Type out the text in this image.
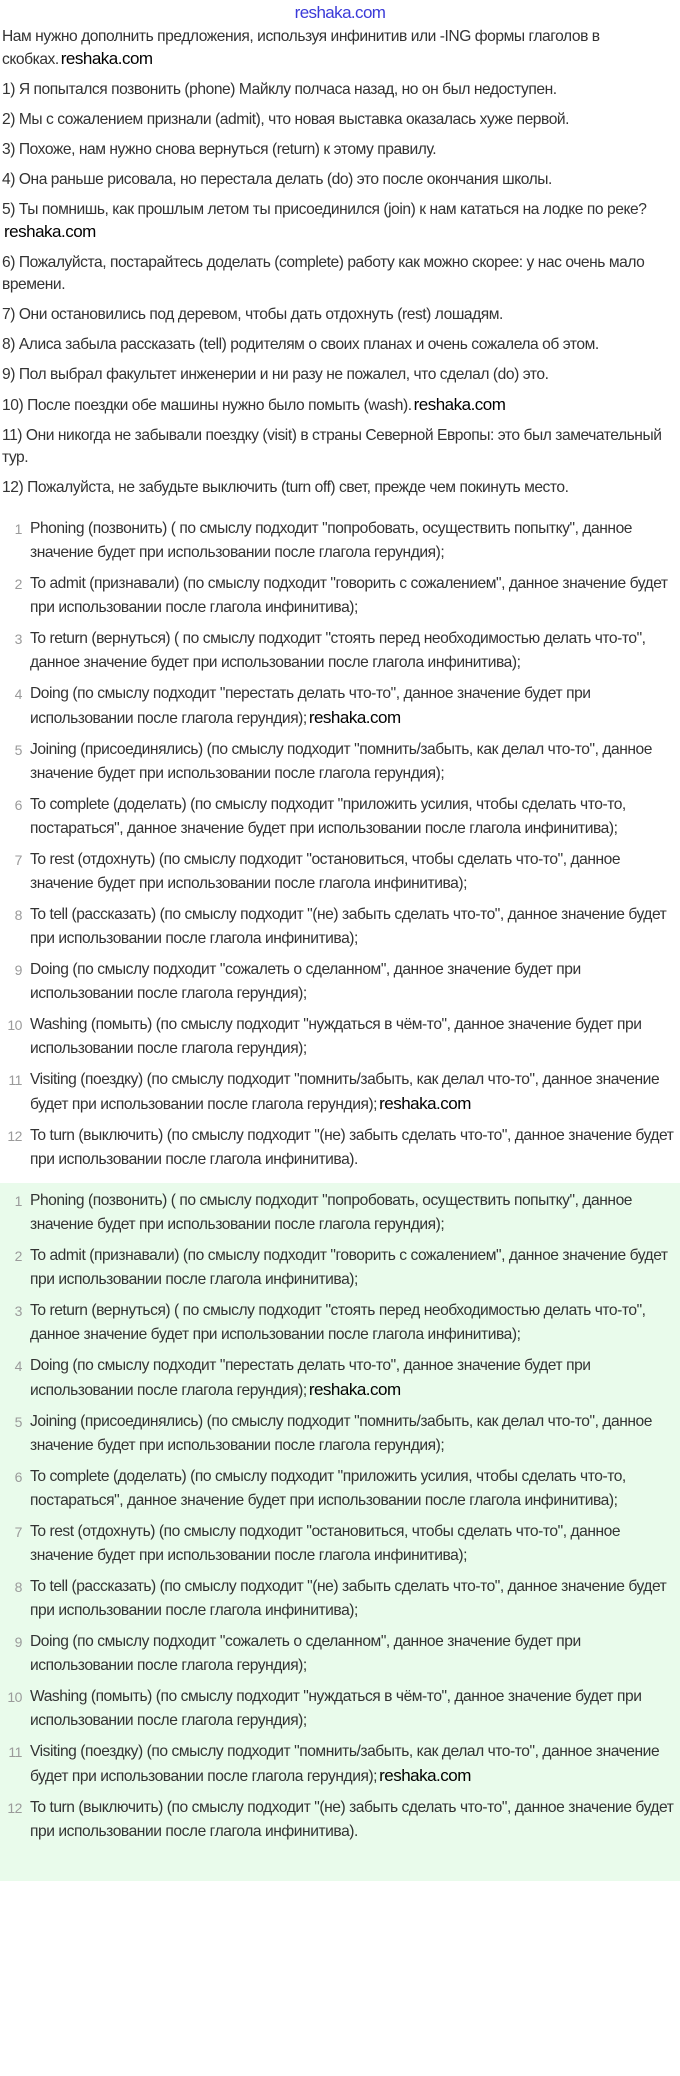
reshaka.com

Нам нужно дополнить предложения, используя инфинитив или -ING формы глаголов в скобках. reshaka.com

1) Я попытался позвонить (phone) Майклу полчаса назад, но он был недоступен.

2) Мы с сожалением признали (admit), что новая выставка оказалась хуже первой.

3) Похоже, нам нужно снова вернуться (return) к этому правилу.

4) Она раньше рисовала, но перестала делать (do) это после окончания школы.

5) Ты помнишь, как прошлым летом ты присоединился (join) к нам кататься на лодке по реке?reshaka.com

6) Пожалуйста, постарайтесь доделать (complete) работу как можно скорее: у нас очень мало времени.

7) Они остановились под деревом, чтобы дать отдохнуть (rest) лошадям.

8) Алиса забыла рассказать (tell) родителям о своих планах и очень сожалела об этом.

9) Пол выбрал факультет инженерии и ни разу не пожалел, что сделал (do) это.

10) После поездки обе машины нужно было помыть (wash). reshaka.com

11) Они никогда не забывали поездку (visit) в страны Северной Европы: это был замечательный тур.

12) Пожалуйста, не забудьте выключить (turn off) свет, прежде чем покинуть место.

1 Phoning (позвонить) ( по смыслу подходит "попробовать, осуществить попытку", данное значение будет при использовании после глагола герундия);
2 To admit (признавали) (по смыслу подходит "говорить с сожалением", данное значение будет при использовании после глагола инфинитива);
3 To return (вернуться) ( по смыслу подходит "стоять перед необходимостью делать что-то", данное значение будет при использовании после глагола инфинитива);
4 Doing (по смыслу подходит "перестать делать что-то", данное значение будет при использовании после глагола герундия); reshaka.com
5 Joining (присоединялись) (по смыслу подходит "помнить/забыть, как делал что-то", данное значение будет при использовании после глагола герундия);
6 To complete (доделать) (по смыслу подходит "приложить усилия, чтобы сделать что-то, постараться", данное значение будет при использовании после глагола инфинитива);
7 To rest (отдохнуть) (по смыслу подходит "остановиться, чтобы сделать что-то", данное значение будет при использовании после глагола инфинитива);
8 To tell (рассказать) (по смыслу подходит "(не) забыть сделать что-то", данное значение будет при использовании после глагола инфинитива);
9 Doing (по смыслу подходит "сожалеть о сделанном", данное значение будет при использовании после глагола герундия);
10 Washing (помыть) (по смыслу подходит "нуждаться в чём-то", данное значение будет при использовании после глагола герундия);
11 Visiting (поездку) (по смыслу подходит "помнить/забыть, как делал что-то", данное значение будет при использовании после глагола герундия); reshaka.com
12 To turn (выключить) (по смыслу подходит "(не) забыть сделать что-то", данное значение будет при использовании после глагола инфинитива).
1 Phoning (позвонить) ( по смыслу подходит "попробовать, осуществить попытку", данное значение будет при использовании после глагола герундия);
2 To admit (признавали) (по смыслу подходит "говорить с сожалением", данное значение будет при использовании после глагола инфинитива);
3 To return (вернуться) ( по смыслу подходит "стоять перед необходимостью делать что-то", данное значение будет при использовании после глагола инфинитива);
4 Doing (по смыслу подходит "перестать делать что-то", данное значение будет при использовании после глагола герундия); reshaka.com
5 Joining (присоединялись) (по смыслу подходит "помнить/забыть, как делал что-то", данное значение будет при использовании после глагола герундия);
6 To complete (доделать) (по смыслу подходит "приложить усилия, чтобы сделать что-то, постараться", данное значение будет при использовании после глагола инфинитива);
7 To rest (отдохнуть) (по смыслу подходит "остановиться, чтобы сделать что-то", данное значение будет при использовании после глагола инфинитива);
8 To tell (рассказать) (по смыслу подходит "(не) забыть сделать что-то", данное значение будет при использовании после глагола инфинитива);
9 Doing (по смыслу подходит "сожалеть о сделанном", данное значение будет при использовании после глагола герундия);
10 Washing (помыть) (по смыслу подходит "нуждаться в чём-то", данное значение будет при использовании после глагола герундия);
11 Visiting (поездку) (по смыслу подходит "помнить/забыть, как делал что-то", данное значение будет при использовании после глагола герундия); reshaka.com
12 To turn (выключить) (по смыслу подходит "(не) забыть сделать что-то", данное значение будет при использовании после глагола инфинитива).
